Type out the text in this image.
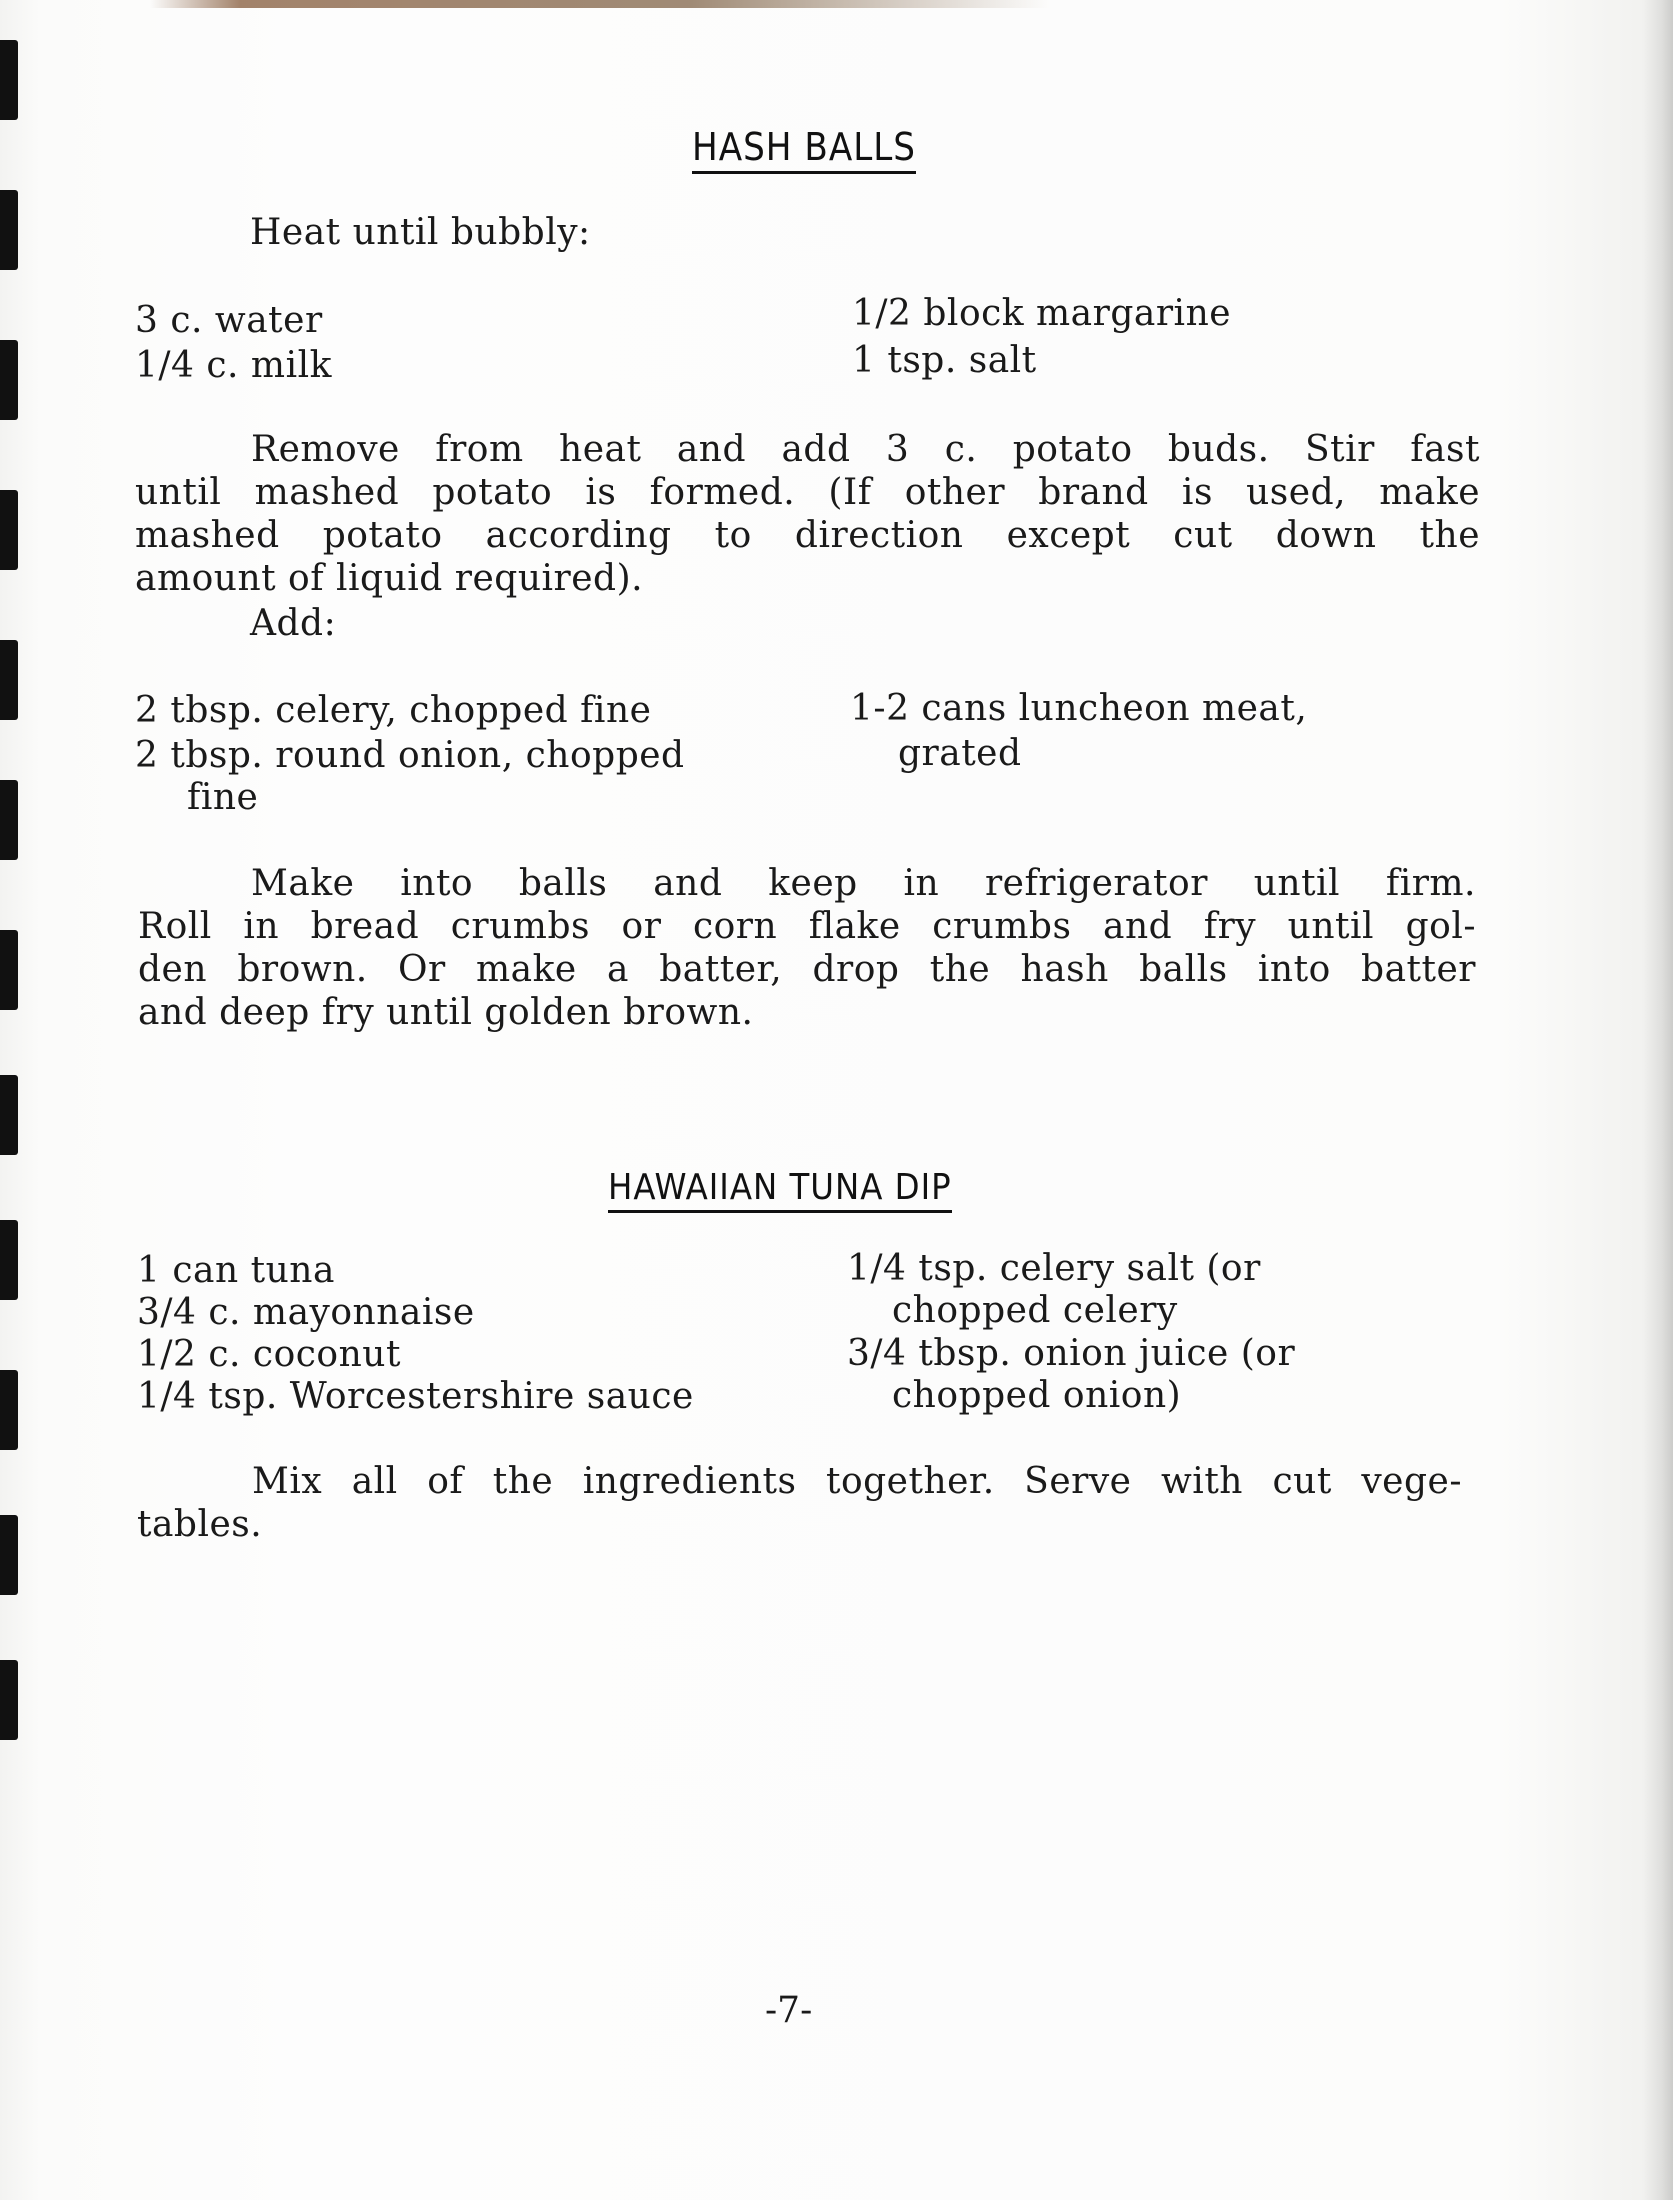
HASH BALLS
Heat until bubbly:
3 c. water
1/4 c. milk
1/2 block margarine
1 tsp. salt
Remove from heat and add 3 c. potato buds. Stir fast
until mashed potato is formed. (If other brand is used, make
mashed potato according to direction except cut down the
amount of liquid required).
Add:
2 tbsp. celery, chopped fine
2 tbsp. round onion, chopped
fine
1-2 cans luncheon meat,
grated
Make into balls and keep in refrigerator until firm.
Roll in bread crumbs or corn flake crumbs and fry until gol-
den brown. Or make a batter, drop the hash balls into batter
and deep fry until golden brown.
HAWAIIAN TUNA DIP
1 can tuna
3/4 c. mayonnaise
1/2 c. coconut
1/4 tsp. Worcestershire sauce
1/4 tsp. celery salt (or
chopped celery
3/4 tbsp. onion juice (or
chopped onion)
Mix all of the ingredients together. Serve with cut vege-
tables.
-7-
